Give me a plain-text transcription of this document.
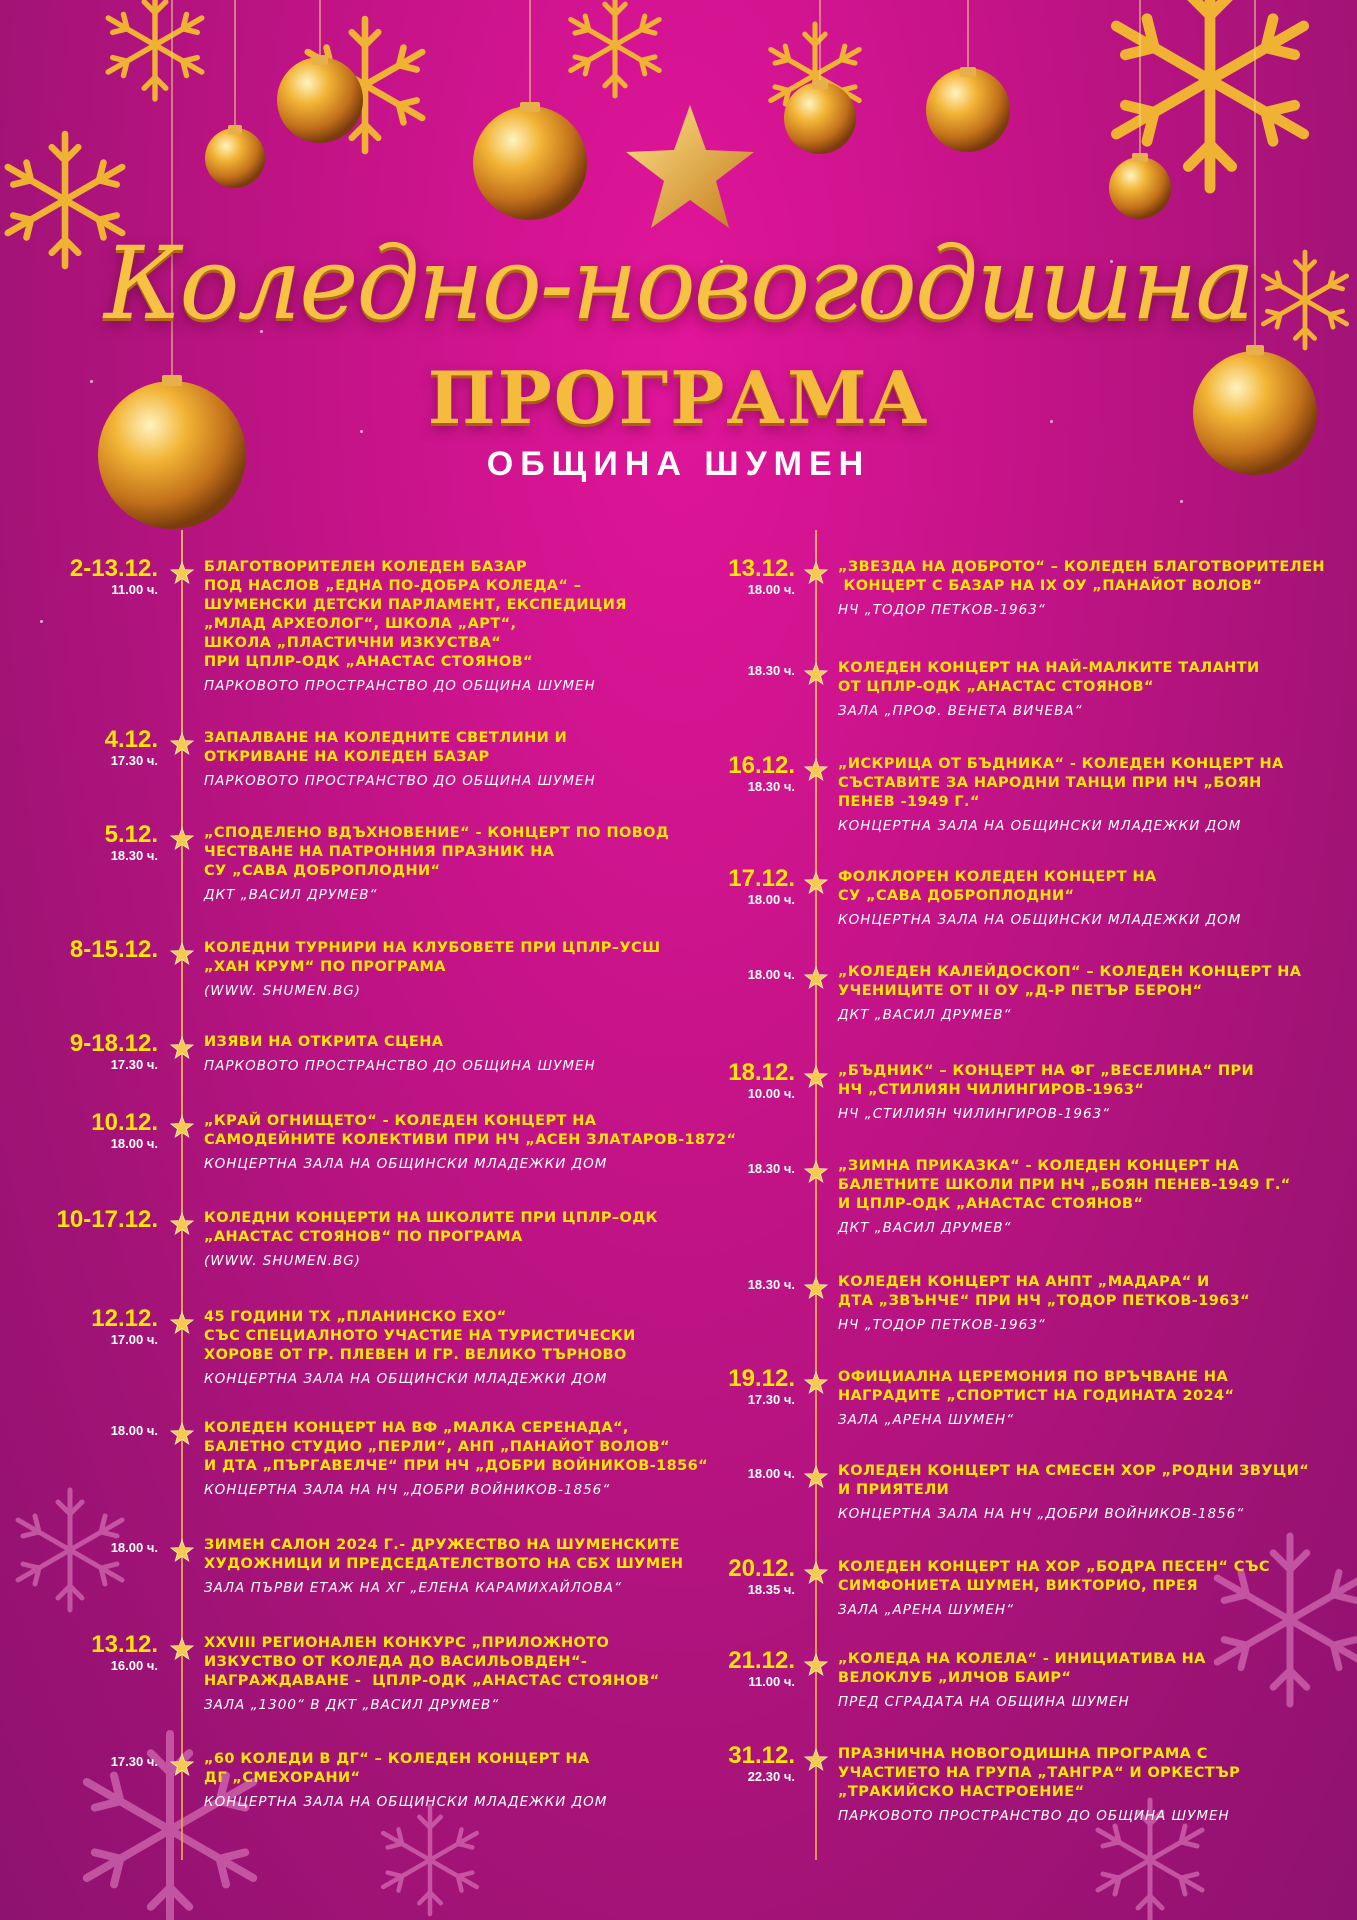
Коледно-новогодишна
ПРОГРАМА
ОБЩИНА ШУМЕН
2-13.12.
11.00 ч.
БЛАГОТВОРИТЕЛЕН КОЛЕДЕН БАЗАР
ПОД НАСЛОВ „ЕДНА ПО-ДОБРА КОЛЕДА“ –
ШУМЕНСКИ ДЕТСКИ ПАРЛАМЕНТ, ЕКСПЕДИЦИЯ
„МЛАД АРХЕОЛОГ“, ШКОЛА „АРТ“,
ШКОЛА „ПЛАСТИЧНИ ИЗКУСТВА“
ПРИ ЦПЛР-ОДК „АНАСТАС СТОЯНОВ“
ПАРКОВОТО ПРОСТРАНСТВО ДО ОБЩИНА ШУМЕН
4.12.
17.30 ч.
ЗАПАЛВАНЕ НА КОЛЕДНИТЕ СВЕТЛИНИ И
ОТКРИВАНЕ НА КОЛЕДЕН БАЗАР
ПАРКОВОТО ПРОСТРАНСТВО ДО ОБЩИНА ШУМЕН
5.12.
18.30 ч.
„СПОДЕЛЕНО ВДЪХНОВЕНИЕ“ - КОНЦЕРТ ПО ПОВОД
ЧЕСТВАНЕ НА ПАТРОННИЯ ПРАЗНИК НА
СУ „САВА ДОБРОПЛОДНИ“
ДКТ „ВАСИЛ ДРУМЕВ“
8-15.12.	КОЛЕДНИ ТУРНИРИ НА КЛУБОВЕТЕ ПРИ ЦПЛР–УСШ
„ХАН КРУМ“ ПО ПРОГРАМА
(WWW. SHUMEN.BG)
9-18.12.
17.30 ч.
ИЗЯВИ НА ОТКРИТА СЦЕНА
ПАРКОВОТО ПРОСТРАНСТВО ДО ОБЩИНА ШУМЕН
10.12.
18.00 ч.
„КРАЙ ОГНИЩЕТО“ - КОЛЕДЕН КОНЦЕРТ НА
САМОДЕЙНИТЕ КОЛЕКТИВИ ПРИ НЧ „АСЕН ЗЛАТАРОВ-1872“
КОНЦЕРТНА ЗАЛА НА ОБЩИНСКИ МЛАДЕЖКИ ДОМ
10-17.12.	КОЛЕДНИ КОНЦЕРТИ НА ШКОЛИТЕ ПРИ ЦПЛР–ОДК
„АНАСТАС СТОЯНОВ“ ПО ПРОГРАМА
(WWW. SHUMEN.BG)
12.12.
17.00 ч.
45 ГОДИНИ ТХ „ПЛАНИНСКО ЕХО“
СЪС СПЕЦИАЛНОТО УЧАСТИЕ НА ТУРИСТИЧЕСКИ
ХОРОВЕ ОТ ГР. ПЛЕВЕН И ГР. ВЕЛИКО ТЪРНОВО
КОНЦЕРТНА ЗАЛА НА ОБЩИНСКИ МЛАДЕЖКИ ДОМ
18.00 ч.	КОЛЕДЕН КОНЦЕРТ НА ВФ „МАЛКА СЕРЕНАДА“,
БАЛЕТНО СТУДИО „ПЕРЛИ“, АНП „ПАНАЙОТ ВОЛОВ“
И ДТА „ПЪРГАВЕЛЧЕ“ ПРИ НЧ „ДОБРИ ВОЙНИКОВ-1856“
КОНЦЕРТНА ЗАЛА НА НЧ „ДОБРИ ВОЙНИКОВ-1856“
18.00 ч.	ЗИМЕН САЛОН 2024 Г.- ДРУЖЕСТВО НА ШУМЕНСКИТЕ
ХУДОЖНИЦИ И ПРЕДСЕДАТЕЛСТВОТО НА СБХ ШУМЕН
ЗАЛА ПЪРВИ ЕТАЖ НА ХГ „ЕЛЕНА КАРАМИХАЙЛОВА“
13.12.
16.00 ч.
XXVIII РЕГИОНАЛЕН КОНКУРС „ПРИЛОЖНОТО
ИЗКУСТВО ОТ КОЛЕДА ДО ВАСИЛЬОВДЕН“-
НАГРАЖДАВАНЕ -  ЦПЛР-ОДК „АНАСТАС СТОЯНОВ“
ЗАЛА „1300“ В ДКТ „ВАСИЛ ДРУМЕВ“
17.30 ч.	„60 КОЛЕДИ В ДГ“ – КОЛЕДЕН КОНЦЕРТ НА
ДГ „СМЕХОРАНИ“
КОНЦЕРТНА ЗАЛА НА ОБЩИНСКИ МЛАДЕЖКИ ДОМ
13.12.
18.00 ч.
„ЗВЕЗДА НА ДОБРОТО“ – КОЛЕДЕН БЛАГОТВОРИТЕЛЕН
КОНЦЕРТ С БАЗАР НА IX ОУ „ПАНАЙОТ ВОЛОВ“
НЧ „ТОДОР ПЕТКОВ-1963“
18.30 ч.	КОЛЕДЕН КОНЦЕРТ НА НАЙ-МАЛКИТЕ ТАЛАНТИ
ОТ ЦПЛР-ОДК „АНАСТАС СТОЯНОВ“
ЗАЛА „ПРОФ. ВЕНЕТА ВИЧЕВА“
16.12.
18.30 ч.
„ИСКРИЦА ОТ БЪДНИКА“ - КОЛЕДЕН КОНЦЕРТ НА
СЪСТАВИТЕ ЗА НАРОДНИ ТАНЦИ ПРИ НЧ „БОЯН
ПЕНЕВ -1949 Г.“
КОНЦЕРТНА ЗАЛА НА ОБЩИНСКИ МЛАДЕЖКИ ДОМ
17.12.
18.00 ч.
ФОЛКЛОРЕН КОЛЕДЕН КОНЦЕРТ НА
СУ „САВА ДОБРОПЛОДНИ“
КОНЦЕРТНА ЗАЛА НА ОБЩИНСКИ МЛАДЕЖКИ ДОМ
18.00 ч.	„КОЛЕДЕН КАЛЕЙДОСКОП“ – КОЛЕДЕН КОНЦЕРТ НА
УЧЕНИЦИТЕ ОТ II ОУ „Д-Р ПЕТЪР БЕРОН“
ДКТ „ВАСИЛ ДРУМЕВ“
18.12.
10.00 ч.
„БЪДНИК“ – КОНЦЕРТ НА ФГ „ВЕСЕЛИНА“ ПРИ
НЧ „СТИЛИЯН ЧИЛИНГИРОВ-1963“
НЧ „СТИЛИЯН ЧИЛИНГИРОВ-1963“
18.30 ч.	„ЗИМНА ПРИКАЗКА“ - КОЛЕДЕН КОНЦЕРТ НА
БАЛЕТНИТЕ ШКОЛИ ПРИ НЧ „БОЯН ПЕНЕВ-1949 Г.“
И ЦПЛР-ОДК „АНАСТАС СТОЯНОВ“
ДКТ „ВАСИЛ ДРУМЕВ“
18.30 ч.	КОЛЕДЕН КОНЦЕРТ НА АНПТ „МАДАРА“ И
ДТА „ЗВЪНЧЕ“ ПРИ НЧ „ТОДОР ПЕТКОВ-1963“
НЧ „ТОДОР ПЕТКОВ-1963“
19.12.
17.30 ч.
ОФИЦИАЛНА ЦЕРЕМОНИЯ ПО ВРЪЧВАНЕ НА
НАГРАДИТЕ „СПОРТИСТ НА ГОДИНАТА 2024“
ЗАЛА „АРЕНА ШУМЕН“
18.00 ч.	КОЛЕДЕН КОНЦЕРТ НА СМЕСЕН ХОР „РОДНИ ЗВУЦИ“
И ПРИЯТЕЛИ
КОНЦЕРТНА ЗАЛА НА НЧ „ДОБРИ ВОЙНИКОВ-1856“
20.12.
18.35 ч.
КОЛЕДЕН КОНЦЕРТ НА ХОР „БОДРА ПЕСЕН“ СЪС
СИМФОНИЕТА ШУМЕН, ВИКТОРИО, ПРЕЯ
ЗАЛА „АРЕНА ШУМЕН“
21.12.
11.00 ч.
„КОЛЕДА НА КОЛЕЛА“ - ИНИЦИАТИВА НА
ВЕЛОКЛУБ „ИЛЧОВ БАИР“
ПРЕД СГРАДАТА НА ОБЩИНА ШУМЕН
31.12.
22.30 ч.
ПРАЗНИЧНА НОВОГОДИШНА ПРОГРАМА С
УЧАСТИЕТО НА ГРУПА „ТАНГРА“ И ОРКЕСТЪР
„ТРАКИЙСКО НАСТРОЕНИЕ“
ПАРКОВОТО ПРОСТРАНСТВО ДО ОБЩИНА ШУМЕН
